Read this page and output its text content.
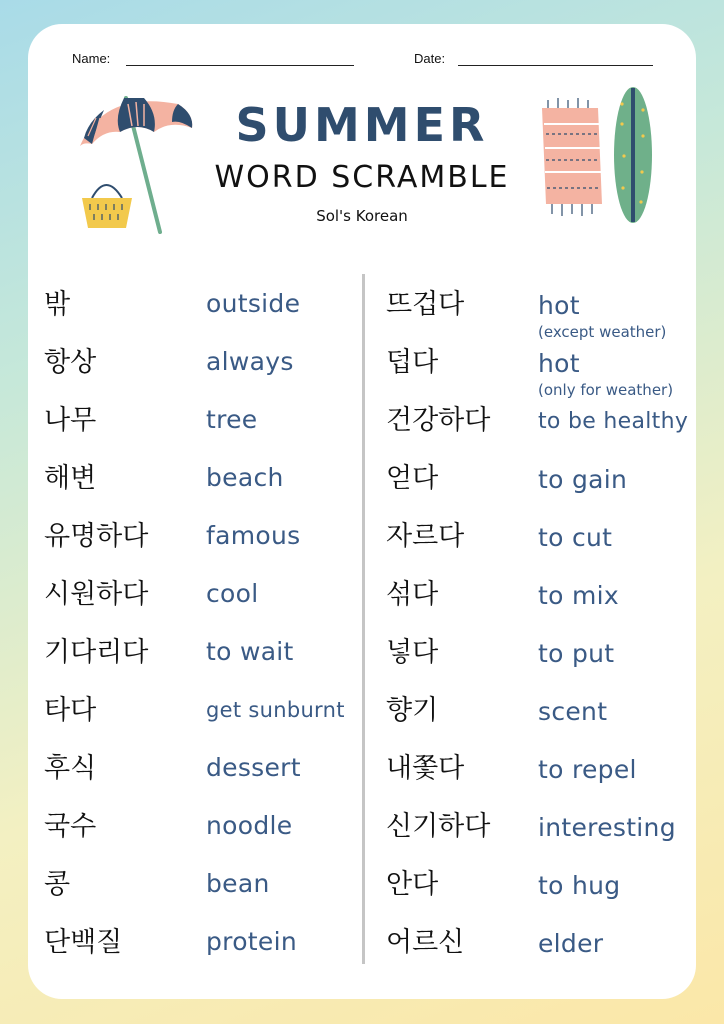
Name:	Date:
SUMMER
WORD SCRAMBLE
Sol's Korean
밖	outside
항상	always
나무	tree
해변	beach
유명하다 famous
시원하다 cool
기다리다 to wait
타다	get sunburnt
후식	dessert
국수	noodle
콩	bean
단백질	protein
뜨겁다	hot
(except weather)
덥다	hot
(only for weather)
건강하다 to be healthy
얻다	to gain
자르다	to cut
섞다	to mix
넣다	to put
향기	scent
내쫓다	to repel
신기하다 interesting
안다	to hug
어르신	elder
